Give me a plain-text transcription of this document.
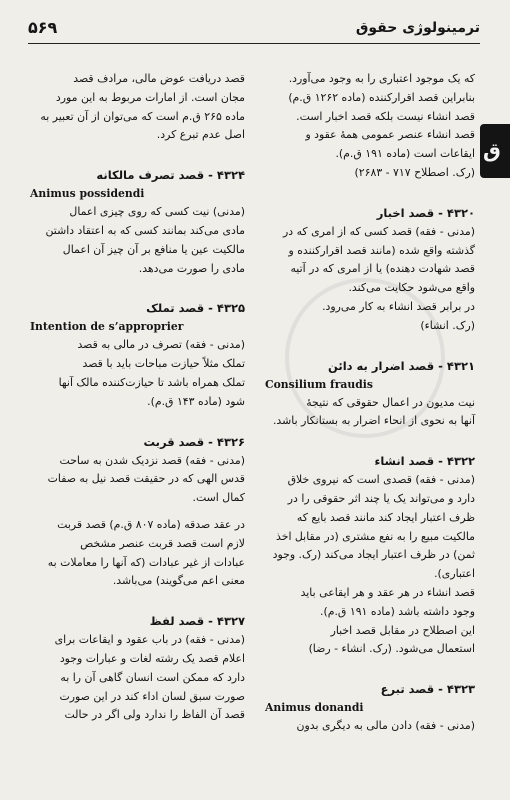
ترمینولوژی حقوق
۵۶۹
ق

که یک موجود اعتباری را به وجود می‌آورد.

بنابراین قصد اقرارکننده (ماده ۱۲۶۲ ق.م)

قصد انشاء نیست بلکه قصد اخبار است.

قصد انشاء عنصر عمومی همهٔ عقود و

ایقاعات است (ماده ۱۹۱ ق.م).

(رک. اصطلاح ۷۱۷ - ۲۶۸۳)

۴۳۲۰ - قصد اخبار

(مدنی - فقه) قصد کسی که از امری که در

گذشته واقع شده (مانند قصد اقرارکننده و

قصد شهادت دهنده) یا از امری که در آتیه

واقع می‌شود حکایت می‌کند.

در برابر قصد انشاء به کار می‌رود.

(رک. انشاء)

۴۳۲۱ - قصد اضرار به دائن
Consilium fraudis

نیت مدیون در اعمال حقوقی که نتیجهٔ

آنها به نحوی از انحاء اضرار به بستانکار باشد.

۴۳۲۲ - قصد انشاء

(مدنی - فقه) قصدی است که نیروی خلاق

دارد و می‌تواند یک یا چند اثر حقوقی را در

ظرف اعتبار ایجاد کند مانند قصد بایع که

مالکیت مبیع را به نفع مشتری (در مقابل اخذ

ثمن) در ظرف اعتبار ایجاد می‌کند (رک. وجود

اعتباری).

قصد انشاء در هر عقد و هر ایقاعی باید

وجود داشته باشد (ماده ۱۹۱ ق.م).

این اصطلاح در مقابل قصد اخبار

استعمال می‌شود. (رک. انشاء - رضا)

۴۳۲۳ - قصد تبرع
Animus donandi

(مدنی - فقه) دادن مالی به دیگری بدون

قصد دریافت عوض مالی، مرادف قصد

مجان است. از امارات مربوط به این مورد

ماده ۲۶۵ ق.م است که می‌توان از آن تعبیر به

اصل عدم تبرع کرد.

۴۳۲۴ - قصد تصرف مالکانه
Animus possidendi

(مدنی) نیت کسی که روی چیزی اعمال

مادی می‌کند بمانند کسی که به اعتقاد داشتن

مالکیت عین یا منافع بر آن چیز آن اعمال

مادی را صورت می‌دهد.

۴۳۲۵ - قصد تملک
Intention de s’approprier

(مدنی - فقه) تصرف در مالی به قصد

تملک مثلاً حیازت مباحات باید با قصد

تملک همراه باشد تا حیازت‌کننده مالک آنها

شود (ماده ۱۴۳ ق.م).

۴۳۲۶ - قصد قربت

(مدنی - فقه) قصد نزدیک شدن به ساحت

قدس الهی که در حقیقت قصد نیل به صفات

کمال است.

در عقد صدقه (ماده ۸۰۷ ق.م) قصد قربت

لازم است قصد قربت عنصر مشخص

عبادات از غیر عبادات (که آنها را معاملات به

معنی اعم می‌گویند) می‌باشد.

۴۳۲۷ - قصد لفظ

(مدنی - فقه) در باب عقود و ایقاعات برای

اعلام قصد یک رشته لغات و عبارات وجود

دارد که ممکن است انسان گاهی آن را به

صورت سبق لسان اداء کند در این صورت

قصد آن الفاظ را ندارد ولی اگر در حالت
